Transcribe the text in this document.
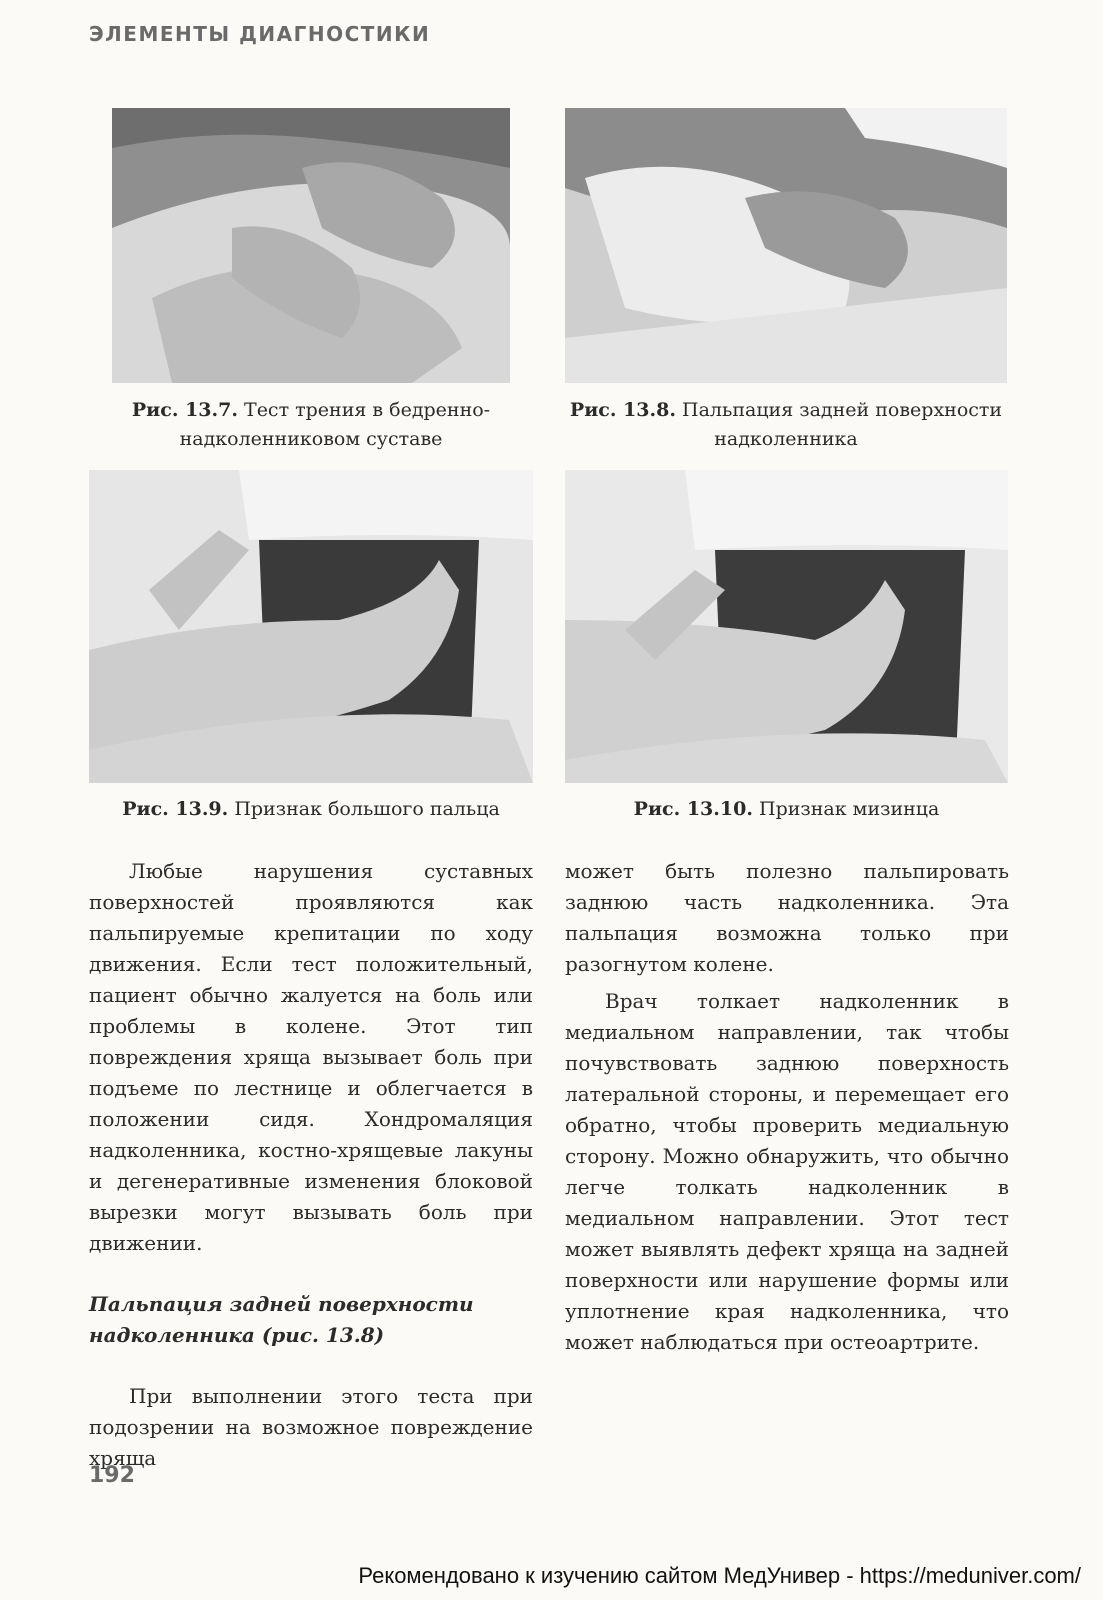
ЭЛЕМЕНТЫ ДИАГНОСТИКИ
Рис. 13.7. Тест трения в бедренно-
надколенниковом суставе
Рис. 13.8. Пальпация задней поверхности
надколенника
Рис. 13.9. Признак большого пальца	Рис. 13.10. Признак мизинца

Любые нарушения суставных поверхностей проявляются как пальпируемые крепитации по ходу движения. Если тест положительный, пациент обычно жалуется на боль или проблемы в колене. Этот тип повреждения хряща вызывает боль при подъеме по лестнице и облегчается в положении сидя. Хондромаляция надколенника, костно-хрящевые лакуны и дегенеративные изменения блоковой вырезки могут вызывать боль при движении.

Пальпация задней поверхности надколенника (рис. 13.8)

При выполнении этого теста при подозрении на возможное повреждение хряща

может быть полезно пальпировать заднюю часть надколенника. Эта пальпация возможна только при разогнутом колене.

Врач толкает надколенник в медиальном направлении, так чтобы почувствовать заднюю поверхность латеральной стороны, и перемещает его обратно, чтобы проверить медиальную сторону. Можно обнаружить, что обычно легче толкать надколенник в медиальном направлении. Этот тест может выявлять дефект хряща на задней поверхности или нарушение формы или уплотнение края надколенника, что может наблюдаться при остеоартрите.

192
Рекомендовано к изучению сайтом МедУнивер - https://meduniver.com/
